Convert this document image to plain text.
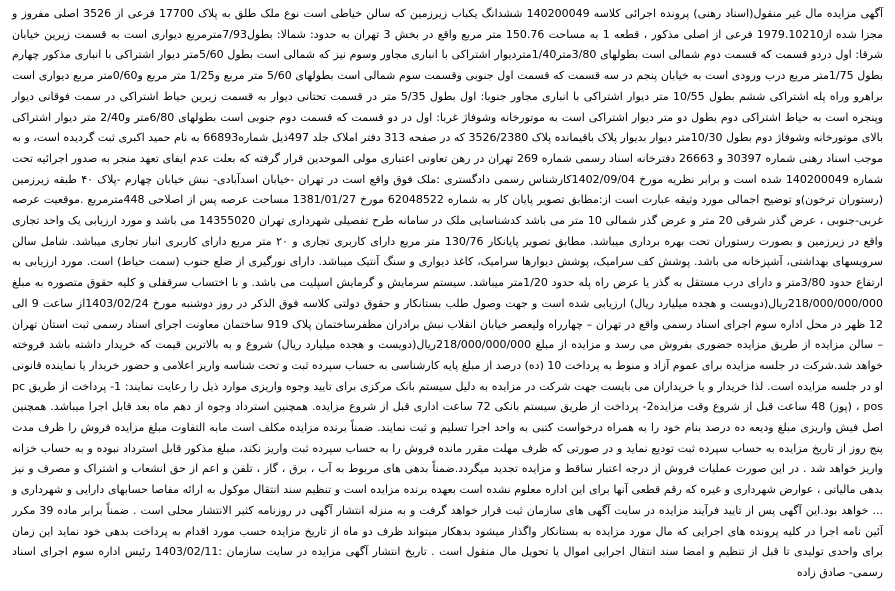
آگهی مزایده مال غیر منقول(اسناد رهنی) پرونده اجرائی کلاسه 140200049 ششدانگ یکباب زیرزمین که سالن خیاطی است نوع ملک طلق به پلاک 17700 فرعی از 3526 اصلی مفروز و مجزا شده از1979.10210 فرعی از اصلی مذکور ، قطعه 1 به مساحت 150.76 متر مربع واقع در بخش 3 تهران به حدود: شمالا: بطول7/93مترمربع دیواری است به قسمت زیرین خیابان شرقا: اول دردو قسمت که قسمت دوم شمالی است بطولهای 3/80متر1/40متردیوار اشتراکی با انباری مجاور وسوم نیز که شمالی است بطول 5/60متر دیوار اشتراکی با انباری مذکور چهارم بطول 1/75متر مربع درب ورودی است به خیابان پنجم در سه قسمت که قسمت اول جنوبی وقسمت سوم شمالی است بطولهای 5/60 متر مربع و1/25 متر مربع و0/60متر مربع دیواری است براهرو وراه پله اشتراکی ششم بطول 10/55 متر دیوار اشتراکی با انباری مجاور جنوبا: اول بطول 5/35 متر در قسمت تحتانی دیوار به قسمت زیرین حیاط اشتراکی در سمت فوقانی دیوار وپنجره است به حیاط اشتراکی دوم بطول دو متر دیوار اشتراکی است به موتورخانه وشوفاژ غربا: اول در دو قسمت که قسمت دوم جنوبی است بطولهای 6/80متر و2/40 متر دیوار اشتراکی بالای موتورخانه وشوفاژ دوم بطول 10/30متر دیوار بدیوار پلاک باقیمانده پلاک 3526/2380 که در صفحه 313 دفتر املاک جلد 497ذیل شماره66893 به نام حمید اکبری ثبت گردیده است، و به موجب اسناد رهنی شماره 30397 و 26663 دفترخانه اسناد رسمی شماره 269 تهران در رهن تعاونی اعتباری مولی الموحدین قرار گرفته که بعلت عدم ایفای تعهد منجر به صدور اجرائیه تحت شماره 140200049 شده است و برابر نظریه مورخ 1402/09/04کارشناس رسمی دادگستری :ملک فوق واقع است در تهران -خیابان اسدآبادی- نبش خیابان چهارم -پلاک ۴۰ طبقه زیرزمین (رستوران ترخون)و توضیح اجمالی مورد وثیقه عبارت است از:مطابق تصویر پایان کار به شماره 62048522 مورخ 1381/01/27 مساحت عرصه پس از اصلاحی 448مترمربع .موقعیت عرصه غربی-جنوبی ، عرض گذر شرقی 20 متر و عرض گذر شمالی 10 متر می باشد کدشناسایی ملک در سامانه طرح تفصیلی شهرداری تهران 14355020 می باشد و مورد ارزیابی یک واحد تجاری واقع در زیرزمین و بصورت رستوران تحت بهره برداری میباشد. مطابق تصویر پایانکار 130/76 متر مربع دارای کاربری تجاری و ۲۰ متر مربع دارای کاربری انبار تجاری میباشد. شامل سالن سرویسهای بهداشتی، آشپزخانه می باشد. پوشش کف سرامیک، پوشش دیوارها سرامیک، کاغذ دیواری و سنگ آنتیک میباشد. دارای نورگیری از ضلع جنوب (سمت حیاط) است. مورد ارزیابی به ارتفاع حدود 3/80متر و دارای درب مستقل به گذر یا عرض راه پله حدود 1/20متر میباشد. سیستم سرمایش و گرمایش اسپلیت می باشد. و با اختساب سرقفلی و کلیه حقوق متصوره به مبلغ 218/000/000/000ریال(دویست و هجده میلیارد ریال) ارزیابی شده است و جهت وصول طلب بستانکار و حقوق دولتی کلاسه فوق الذکر در روز دوشنبه مورخ 1403/02/24از ساعت 9 الی 12 ظهر در محل اداره سوم اجرای اسناد رسمی واقع در تهران – چهارراه ولیعصر خیابان انقلاب نبش برادران مظفرساختمان پلاک 919 ساختمان معاونت اجرای اسناد رسمی ثبت استان تهران – سالن مزایده از طریق مزایده حضوری بفروش می رسد و مزایده از مبلغ 218/000/000/000ریال(دویست و هجده میلیارد ریال) شروع و به بالاترین قیمت که خریدار داشته باشد فروخته خواهد شد.شرکت در جلسه مزایده برای عموم آزاد و منوط به پرداخت 10 (ده) درصد از مبلغ پایه کارشناسی به حساب سپرده ثبت و تحت شناسه واریز اعلامی و حضور خریدار یا نماینده قانونی او در جلسه مزایده است. لذا خریدار و یا خریداران می بایست جهت شرکت در مزایده به دلیل سیستم بانک مرکزی برای تایید وجوه واریزی موارد ذیل را رعایت نمایند: 1- پرداخت از طریق pc pos ، (پوز) 48 ساعت قبل از شروع وقت مزایده2- پرداخت از طریق سیستم بانکی 72 ساعت اداری قبل از شروع مزایده. همچنین استرداد وجوه از دهم ماه بعد قابل اجرا میباشد. همچنین اصل فیش واریزی مبلغ ودیعه ده درصد بنام خود را به همراه درخواست کتبی به واحد اجرا تسلیم و ثبت نمایند. ضمناً برنده مزایده مکلف است مابه التفاوت مبلغ مزایده فروش را ظرف مدت پنج روز از تاریخ مزایده به حساب سپرده ثبت تودیع نماید و در صورتی که ظرف مهلت مقرر مانده فروش را به حساب سپرده ثبت واریز نکند، مبلغ مذکور قابل استرداد نبوده و به حساب خزانه واریز خواهد شد . در این صورت عملیات فروش از درجه اعتبار ساقط و مزایده تجدید میگردد.ضمناً بدهی های مربوط به آب ، برق ، گاز ، تلفن و اعم از حق انشعاب و اشتراک و مصرف و نیز بدهی مالیاتی ، عوارض شهرداری و غیره که رقم قطعی آنها برای این اداره معلوم نشده است بعهده برنده مزایده است و تنظیم سند انتقال موکول به ارائه مفاصا حسابهای دارایی و شهرداری و ... خواهد بود.این آگهی پس از تایید فرآیند مزایده در سایت آگهی های سازمان ثبت قرار خواهد گرفت و به منزله انتشار آگهی در روزنامه کثیر الانتشار محلی است . ضمناً برابر ماده 39 مکرر آئین نامه اجرا در کلیه پرونده های اجرایی که مال مورد مزایده به بستانکار واگذار میشود بدهکار میتواند ظرف دو ماه از تاریخ مزایده حسب مورد اقدام به پرداخت بدهی خود نماید این زمان برای واحدی تولیدی تا قبل از تنظیم و امضا سند انتقال اجرایی اموال یا تحویل مال منقول است . تاریخ انتشار آگهی مزایده در سایت سازمان :1403/02/11 رئیس اداره سوم اجرای اسناد رسمی- صادق زاده
